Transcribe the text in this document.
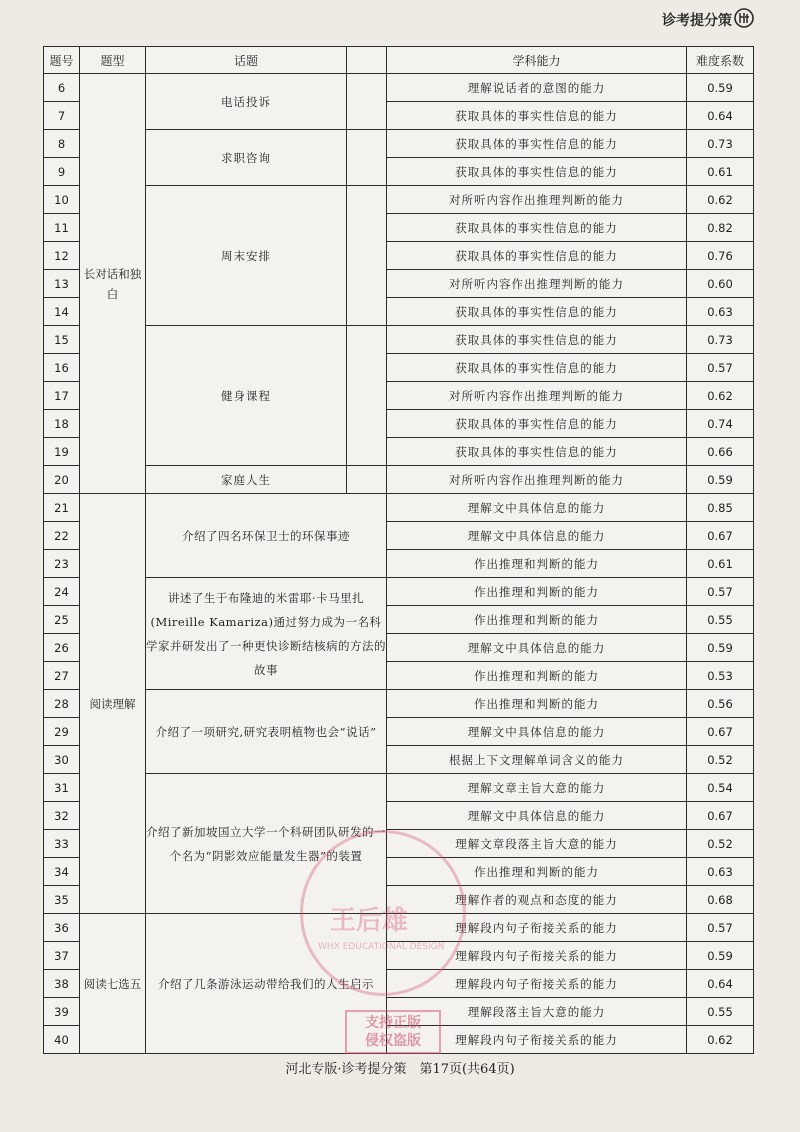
诊考提分策
题号	题型	话题		学科能力	难度系数
6	长对话和独白	电话投诉		理解说话者的意图的能力	0.59
7				获取具体的事实性信息的能力	0.64
8		求职咨询		获取具体的事实性信息的能力	0.73
9				获取具体的事实性信息的能力	0.61
10		周末安排		对所听内容作出推理判断的能力	0.62
11				获取具体的事实性信息的能力	0.82
12				获取具体的事实性信息的能力	0.76
13				对所听内容作出推理判断的能力	0.60
14				获取具体的事实性信息的能力	0.63
15		健身课程		获取具体的事实性信息的能力	0.73
16				获取具体的事实性信息的能力	0.57
17				对所听内容作出推理判断的能力	0.62
18				获取具体的事实性信息的能力	0.74
19				获取具体的事实性信息的能力	0.66
20		家庭人生		对所听内容作出推理判断的能力	0.59
21	阅读理解	介绍了四名环保卫士的环保事迹		理解文中具体信息的能力	0.85
22				理解文中具体信息的能力	0.67
23				作出推理和判断的能力	0.61
24		讲述了生于布隆迪的米雷耶·卡马里扎(Mireille Kamariza)通过努力成为一名科学家并研发出了一种更快诊断结核病的方法的故事		作出推理和判断的能力	0.57
25				作出推理和判断的能力	0.55
26				理解文中具体信息的能力	0.59
27				作出推理和判断的能力	0.53
28		介绍了一项研究,研究表明植物也会“说话”		作出推理和判断的能力	0.56
29				理解文中具体信息的能力	0.67
30				根据上下文理解单词含义的能力	0.52
31		介绍了新加坡国立大学一个科研团队研发的一个名为“阴影效应能量发生器”的装置		理解文章主旨大意的能力	0.54
32				理解文中具体信息的能力	0.67
33				理解文章段落主旨大意的能力	0.52
34				作出推理和判断的能力	0.63
35				理解作者的观点和态度的能力	0.68
36	阅读七选五	介绍了几条游泳运动带给我们的人生启示		理解段内句子衔接关系的能力	0.57
37				理解段内句子衔接关系的能力	0.59
38				理解段内句子衔接关系的能力	0.64
39				理解段落主旨大意的能力	0.55
40				理解段内句子衔接关系的能力	0.62
王后雄
WHX EDUCATIONAL DESIGN
支持正版
侵权盗版
河北专版·诊考提分策　第17页(共64页)
